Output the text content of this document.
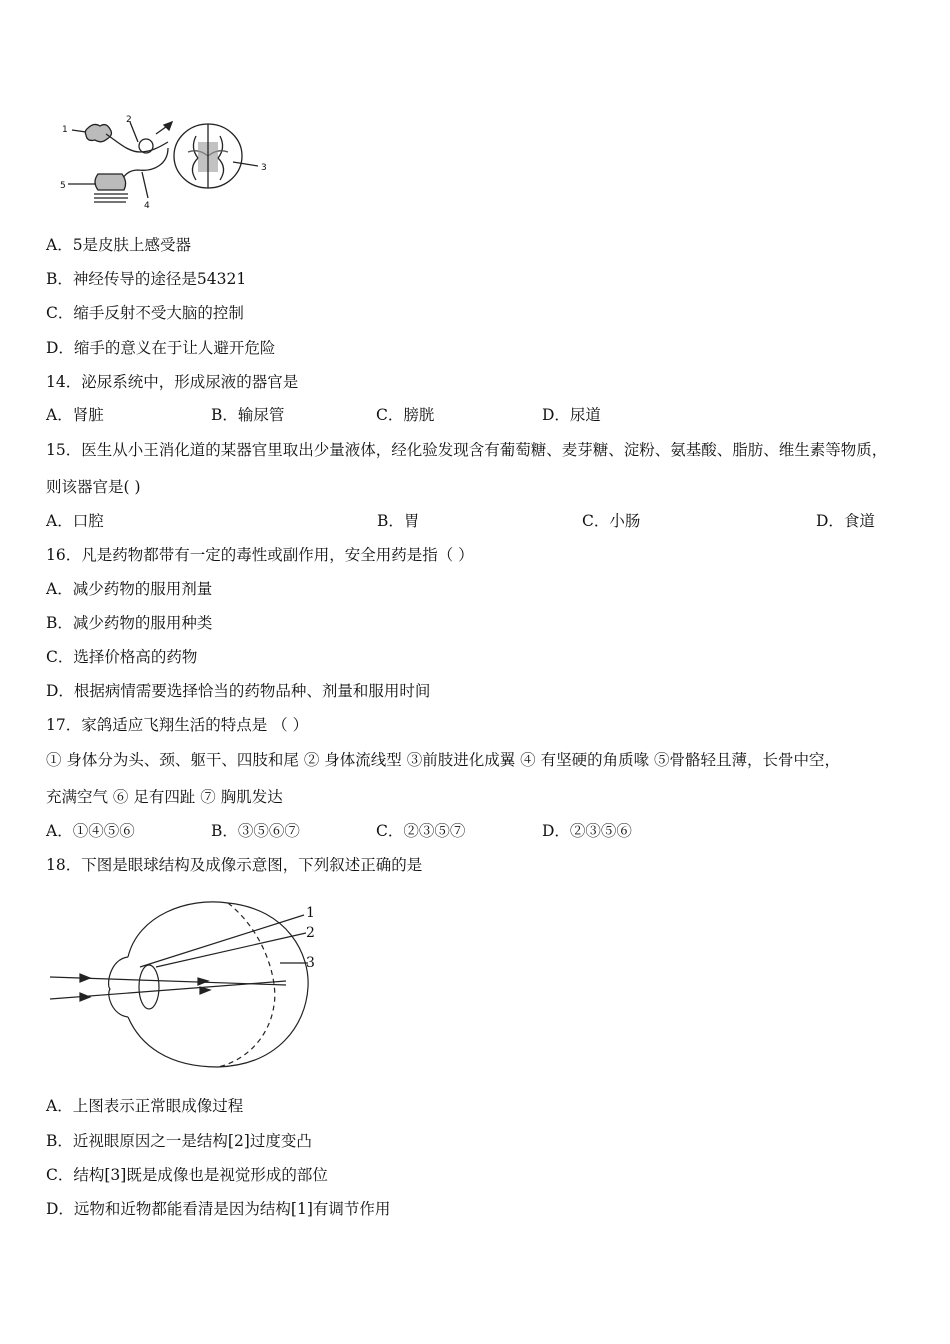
1
2
3
4
5
A．5是皮肤上感受器
B．神经传导的途径是54321
C．缩手反射不受大脑的控制
D．缩手的意义在于让人避开危险
14．泌尿系统中，形成尿液的器官是
A．肾脏	B．输尿管	C．膀胱	D．尿道
15．医生从小王消化道的某器官里取出少量液体，经化验发现含有葡萄糖、麦芽糖、淀粉、氨基酸、脂肪、维生素等物质，
则该器官是( )
A．口腔	B．胃	C．小肠	D．食道
16．凡是药物都带有一定的毒性或副作用，安全用药是指（ ）
A．减少药物的服用剂量
B．减少药物的服用种类
C．选择价格高的药物
D．根据病情需要选择恰当的药物品种、剂量和服用时间
17．家鸽适应飞翔生活的特点是 （ ）
① 身体分为头、颈、躯干、四肢和尾 ② 身体流线型 ③前肢进化成翼 ④ 有坚硬的角质喙 ⑤骨骼轻且薄，长骨中空，
充满空气 ⑥ 足有四趾 ⑦ 胸肌发达
A．①④⑤⑥	B．③⑤⑥⑦	C．②③⑤⑦	D．②③⑤⑥
18．下图是眼球结构及成像示意图，下列叙述正确的是
1
2
3
A．上图表示正常眼成像过程
B．近视眼原因之一是结构[2]过度变凸
C．结构[3]既是成像也是视觉形成的部位
D．远物和近物都能看清是因为结构[1]有调节作用
